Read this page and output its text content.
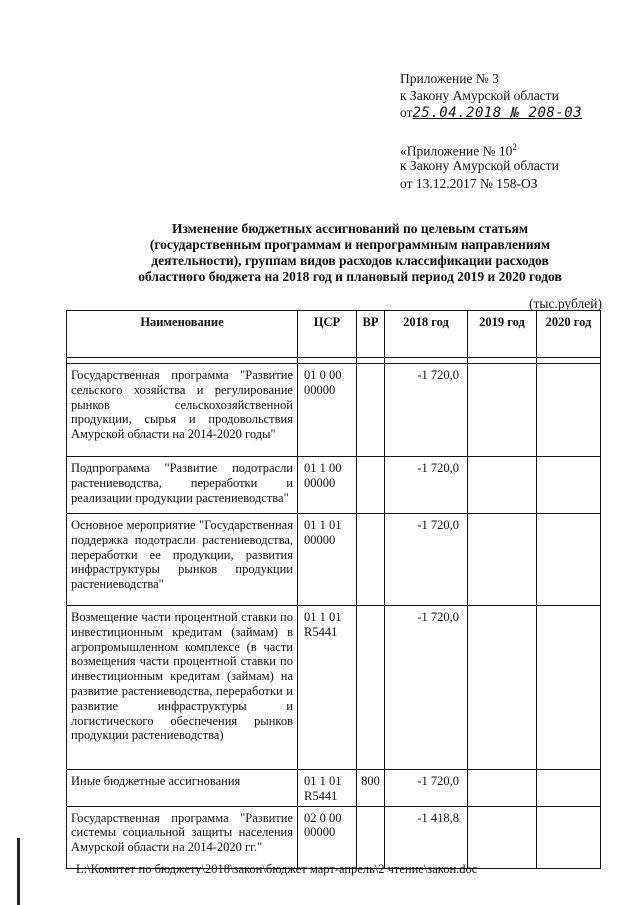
Приложение № 3
к Закону Амурской области
от25.04.2018 № 208-03
«Приложение № $10^2$
к Закону Амурской области
от 13.12.2017 № 158-ОЗ
Изменение бюджетных ассигнований по целевым статьям
(государственным программам и непрограммным направлениям
деятельности), группам видов расходов классификации расходов
областного бюджета на 2018 год и плановый период 2019 и 2020 годов
(тыс.рублей)
Наименование	ЦСР	ВР	2018 год	2019 год	2020 год

Государственная программа "Развитие сельского хозяйства и регулирование рынков сельскохозяйственной продукции, сырья и продовольствия Амурской области на 2014-2020 годы"	01 0 00
00000		-1 720,0		
Подпрограмма "Развитие подотрасли растениеводства, переработки и реализации продукции растениеводства"	01 1 00
00000		-1 720,0		
Основное мероприятие "Государственная поддержка подотрасли растениеводства, переработки ее продукции, развития инфраструктуры рынков продукции растениеводства"	01 1 01
00000		-1 720,0		
Возмещение части процентной ставки по инвестиционным кредитам (займам) в агропромышленном комплексе (в части возмещения части процентной ставки по инвестиционным кредитам (займам) на развитие растениеводства, переработки и развитие инфраструктуры и логистического обеспечения рынков продукции растениеводства)	01 1 01
R5441		-1 720,0		
Иные бюджетные ассигнования	01 1 01
R5441	800	-1 720,0		
Государственная программа "Развитие системы социальной защиты населения Амурской области на 2014-2020 гг."	02 0 00
00000		-1 418,8		
L:\Комитет по бюджету\2018\закон\бюджет март-апрель\2 чтение\закон.doc
